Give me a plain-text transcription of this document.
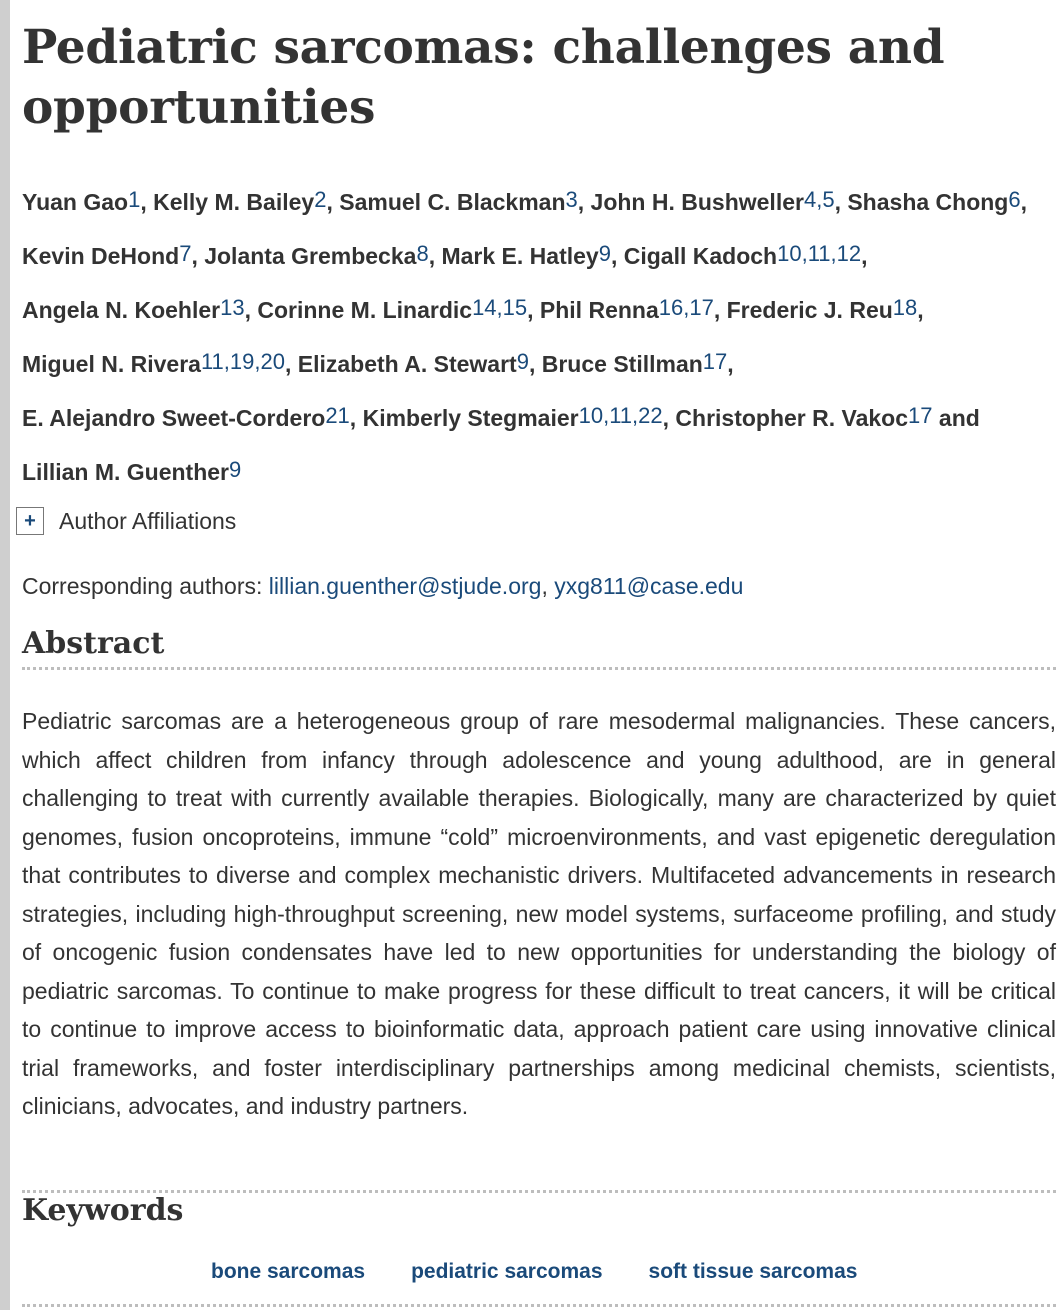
Pediatric sarcomas: challenges and opportunities
Yuan Gao1, Kelly M. Bailey2, Samuel C. Blackman3, John H. Bushweller4,5, Shasha Chong6, Kevin DeHond7, Jolanta Grembecka8, Mark E. Hatley9, Cigall Kadoch10,11,12, Angela N. Koehler13, Corinne M. Linardic14,15, Phil Renna16,17, Frederic J. Reu18, Miguel N. Rivera11,19,20, Elizabeth A. Stewart9, Bruce Stillman17, E. Alejandro Sweet-Cordero21, Kimberly Stegmaier10,11,22, Christopher R. Vakoc17 and Lillian M. Guenther9
+	Author Affiliations
Corresponding authors: lillian.guenther@stjude.org, yxg811@case.edu
Abstract

Pediatric sarcomas are a heterogeneous group of rare mesodermal malignancies. These cancers, which affect children from infancy through adolescence and young adulthood, are in general challenging to treat with currently available therapies. Biologically, many are characterized by quiet genomes, fusion oncoproteins, immune “cold” microenvironments, and vast epigenetic deregulation that contributes to diverse and complex mechanistic drivers. Multifaceted advancements in research strategies, including high-throughput screening, new model systems, surfaceome profiling, and study of oncogenic fusion condensates have led to new opportunities for understanding the biology of pediatric sarcomas. To continue to make progress for these difficult to treat cancers, it will be critical to continue to improve access to bioinformatic data, approach patient care using innovative clinical trial frameworks, and foster interdisciplinary partnerships among medicinal chemists, scientists, clinicians, advocates, and industry partners.

Keywords
bone sarcomas pediatric sarcomas soft tissue sarcomas
